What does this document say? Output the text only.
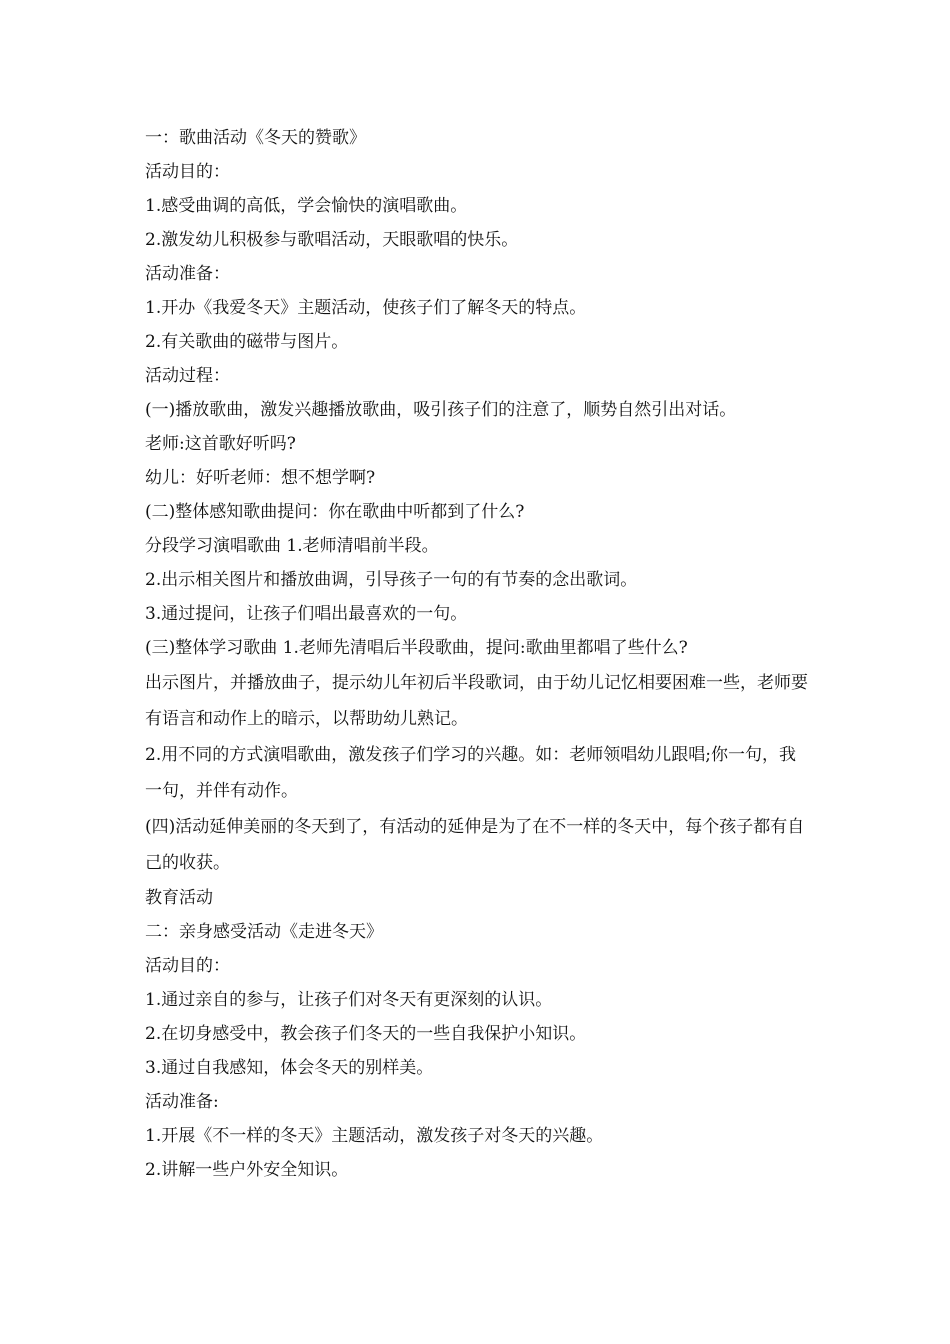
一：歌曲活动《冬天的赞歌》
活动目的：
1.感受曲调的高低，学会愉快的演唱歌曲。
2.激发幼儿积极参与歌唱活动，天眼歌唱的快乐。
活动准备：
1.开办《我爱冬天》主题活动，使孩子们了解冬天的特点。
2.有关歌曲的磁带与图片。
活动过程：
(一)播放歌曲，激发兴趣播放歌曲，吸引孩子们的注意了，顺势自然引出对话。
老师:这首歌好听吗?
幼儿：好听老师：想不想学啊?
(二)整体感知歌曲提问：你在歌曲中听都到了什么?
分段学习演唱歌曲 1.老师清唱前半段。
2.出示相关图片和播放曲调，引导孩子一句的有节奏的念出歌词。
3.通过提问，让孩子们唱出最喜欢的一句。
(三)整体学习歌曲 1.老师先清唱后半段歌曲，提问:歌曲里都唱了些什么?
出示图片，并播放曲子，提示幼儿年初后半段歌词，由于幼儿记忆相要困难一些，老师要有语言和动作上的暗示，以帮助幼儿熟记。
2.用不同的方式演唱歌曲，激发孩子们学习的兴趣。如：老师领唱幼儿跟唱;你一句，我一句，并伴有动作。
(四)活动延伸美丽的冬天到了，有活动的延伸是为了在不一样的冬天中，每个孩子都有自己的收获。
教育活动
二：亲身感受活动《走进冬天》
活动目的：
1.通过亲自的参与，让孩子们对冬天有更深刻的认识。
2.在切身感受中，教会孩子们冬天的一些自我保护小知识。
3.通过自我感知，体会冬天的别样美。
活动准备:
1.开展《不一样的冬天》主题活动，激发孩子对冬天的兴趣。
2.讲解一些户外安全知识。
